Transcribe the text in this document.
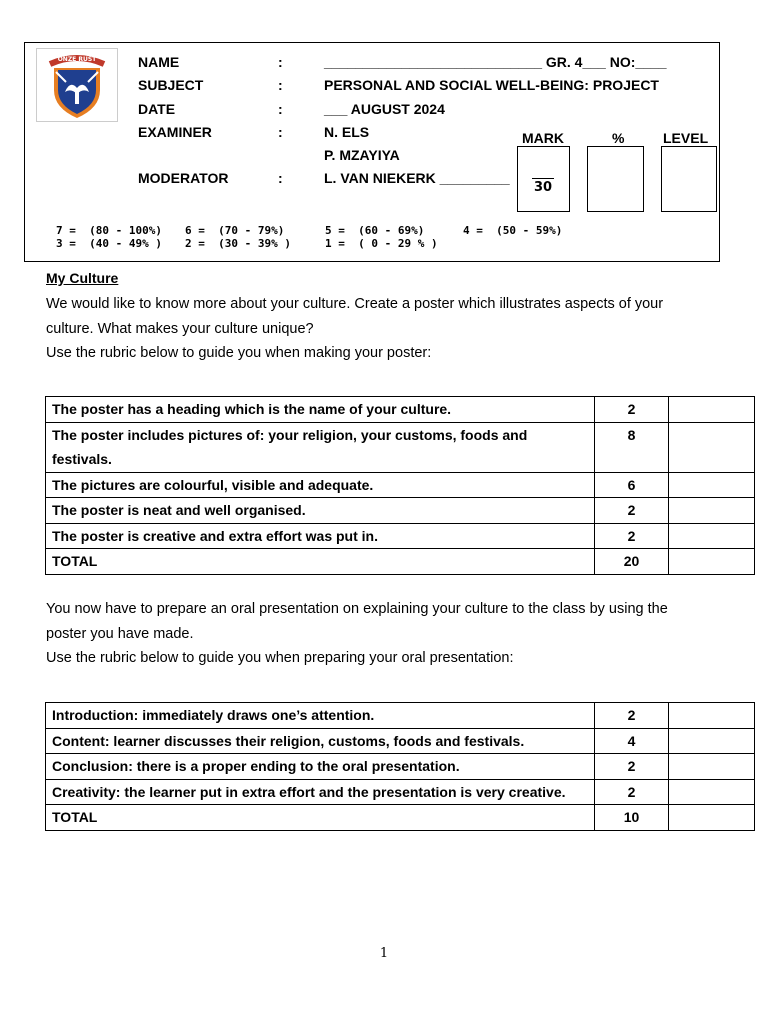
ONZE RUST	NAME	:	____________________________ GR. 4___ NO:____
SUBJECT	:	PERSONAL AND SOCIAL WELL-BEING: PROJECT
DATE	:	___ AUGUST 2024
EXAMINER	:	N. ELS
P. MZAYIYA
MODERATOR	:	L. VAN NIEKERK _________
MARK	%	LEVEL
30
7 =  (80 - 100%) 6 =  (70 - 79%)	5 =  (60 - 69%)	4 =  (50 - 59%)
3 =  (40 - 49% ) 2 =  (30 - 39% )	1 =  ( 0 - 29 % )
My Culture
We would like to know more about your culture. Create a poster which illustrates aspects of your
culture. What makes your culture unique?
Use the rubric below to guide you when making your poster:
The poster has a heading which is the name of your culture.	2	
The poster includes pictures of: your religion, your customs, foods and festivals.	8	
The pictures are colourful, visible and adequate.	6	
The poster is neat and well organised.	2	
The poster is creative and extra effort was put in.	2	
TOTAL	20	
You now have to prepare an oral presentation on explaining your culture to the class by using the
poster you have made.
Use the rubric below to guide you when preparing your oral presentation:
Introduction: immediately draws one’s attention.	2	
Content: learner discusses their religion, customs, foods and festivals.	4	
Conclusion: there is a proper ending to the oral presentation.	2	
Creativity: the learner put in extra effort and the presentation is very creative.	2	
TOTAL	10	
1
